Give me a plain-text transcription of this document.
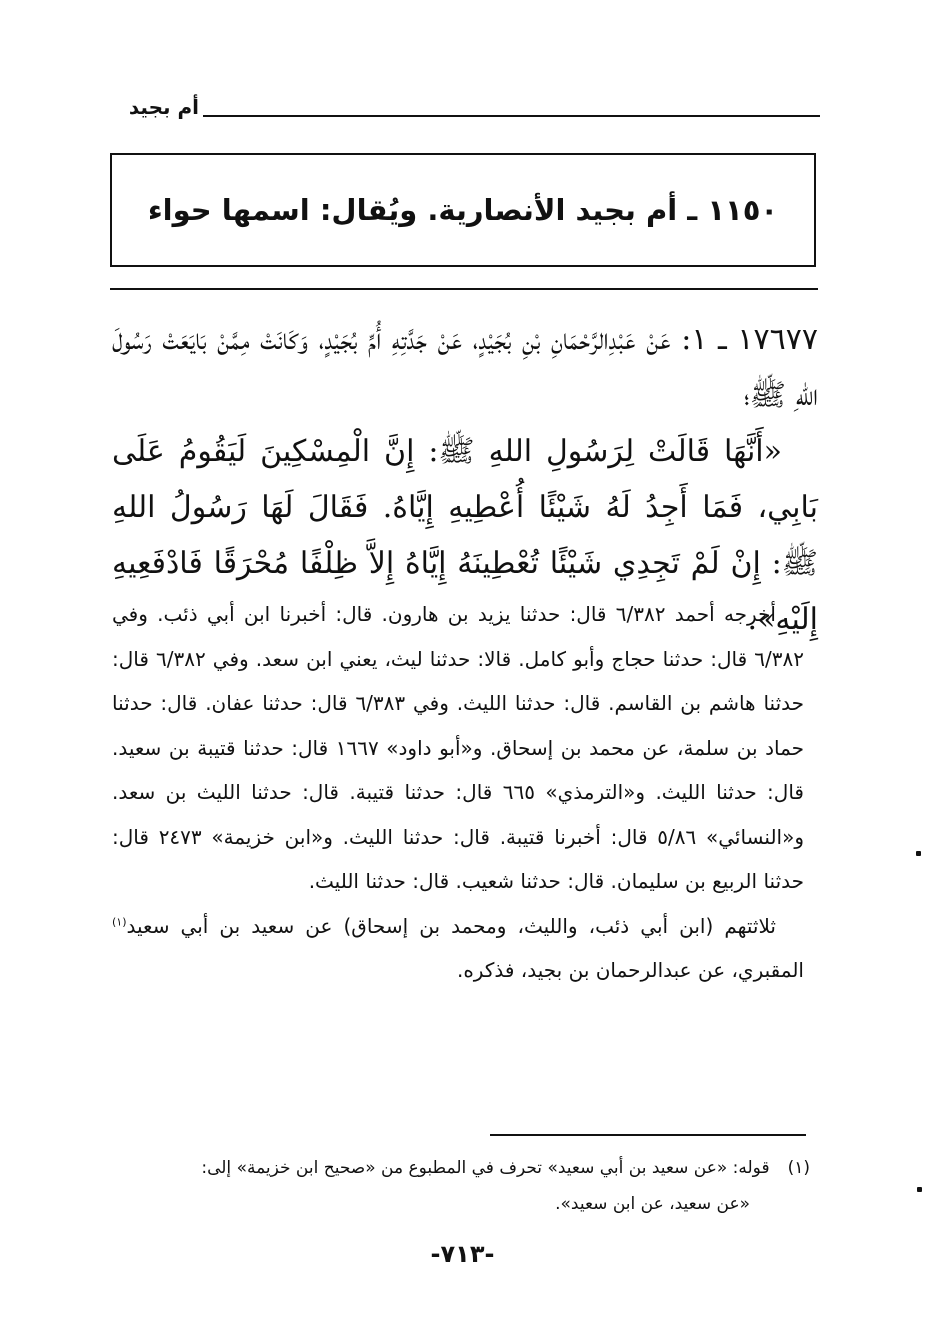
أم بجيد
١١٥٠ ـ أم بجيد الأنصارية. ويُقال: اسمها حواء

١٧٦٧٧ ـ ١: عَنْ عَبْدِالرَّحْمَانِ بْنِ بُجَيْدٍ، عَنْ جَدَّتِهِ أُمِّ بُجَيْدٍ، وَكَانَتْ مِمَّنْ بَايَعَتْ رَسُولَ اللهِ ﷺ؛

«أَنَّهَا قَالَتْ لِرَسُولِ اللهِ ﷺ: إِنَّ الْمِسْكِينَ لَيَقُومُ عَلَى بَابِي، فَمَا أَجِدُ لَهُ شَيْئًا أُعْطِيهِ إِيَّاهُ. فَقَالَ لَهَا رَسُولُ اللهِ ﷺ: إِنْ لَمْ تَجِدِي شَيْئًا تُعْطِينَهُ إِيَّاهُ إِلاَّ ظِلْفًا مُحْرَقًا فَادْفَعِيهِ إِلَيْهِ».

أخرجه أحمد ٦/٣٨٢ قال: حدثنا يزيد بن هارون. قال: أخبرنا ابن أبي ذئب. وفي ٦/٣٨٢ قال: حدثنا حجاج وأبو كامل. قالا: حدثنا ليث، يعني ابن سعد. وفي ٦/٣٨٢ قال: حدثنا هاشم بن القاسم. قال: حدثنا الليث. وفي ٦/٣٨٣ قال: حدثنا عفان. قال: حدثنا حماد بن سلمة، عن محمد بن إسحاق. و«أبو داود» ١٦٦٧ قال: حدثنا قتيبة بن سعيد. قال: حدثنا الليث. و«الترمذي» ٦٦٥ قال: حدثنا قتيبة. قال: حدثنا الليث بن سعد. و«النسائي» ٥/٨٦ قال: أخبرنا قتيبة. قال: حدثنا الليث. و«ابن خزيمة» ٢٤٧٣ قال: حدثنا الربيع بن سليمان. قال: حدثنا شعيب. قال: حدثنا الليث.

ثلاثتهم (ابن أبي ذئب، والليث، ومحمد بن إسحاق) عن سعيد بن أبي سعيد$^{(١)}$ المقبري، عن عبدالرحمان بن بجيد، فذكره.

(١)قوله: «عن سعيد بن أبي سعيد» تحرف في المطبوع من «صحيح ابن خزيمة» إلى:

«عن سعيد، عن ابن سعيد».

-٧١٣-
